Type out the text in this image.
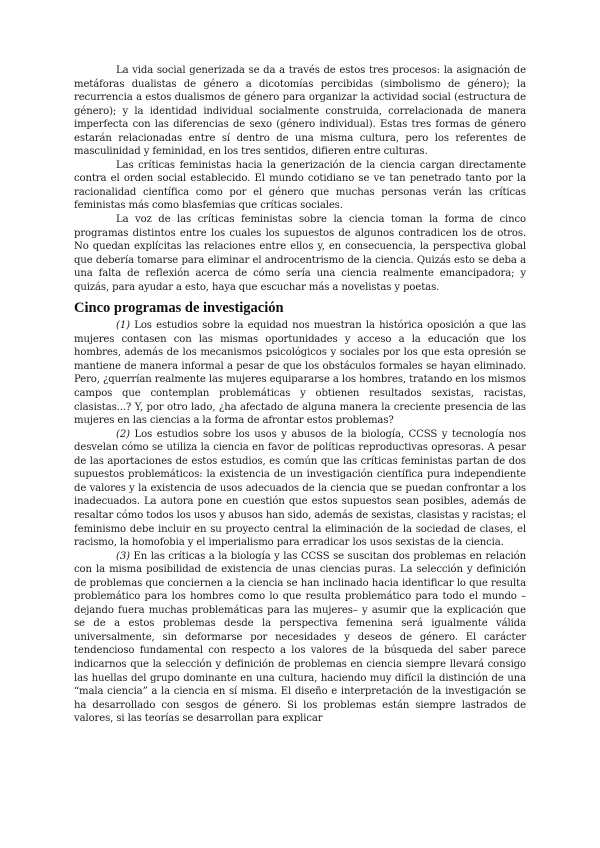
La vida social generizada se da a través de estos tres procesos: la asignación de metáforas dualistas de género a dicotomías percibidas (simbolismo de género); la recurrencia a estos dualismos de género para organizar la actividad social (estructura de género); y la identidad individual socialmente construida, correlacionada de manera imperfecta con las diferencias de sexo (género individual). Estas tres formas de género estarán relacionadas entre sí dentro de una misma cultura, pero los referentes de masculinidad y feminidad, en los tres sentidos, difieren entre culturas.

Las críticas feministas hacia la generización de la ciencia cargan directamente contra el orden social establecido. El mundo cotidiano se ve tan penetrado tanto por la racionalidad científica como por el género que muchas personas verán las críticas feministas más como blasfemias que críticas sociales.

La voz de las críticas feministas sobre la ciencia toman la forma de cinco programas distintos entre los cuales los supuestos de algunos contradicen los de otros. No quedan explícitas las relaciones entre ellos y, en consecuencia, la perspectiva global que debería tomarse para eliminar el androcentrismo de la ciencia. Quizás esto se deba a una falta de reflexión acerca de cómo sería una ciencia realmente emancipadora; y quizás, para ayudar a esto, haya que escuchar más a novelistas y poetas.

Cinco programas de investigación

(1) Los estudios sobre la equidad nos muestran la histórica oposición a que las mujeres contasen con las mismas oportunidades y acceso a la educación que los hombres, además de los mecanismos psicológicos y sociales por los que esta opresión se mantiene de manera informal a pesar de que los obstáculos formales se hayan eliminado. Pero, ¿querrían realmente las mujeres equipararse a los hombres, tratando en los mismos campos que contemplan problemáticas y obtienen resultados sexistas, racistas, clasistas...? Y, por otro lado, ¿ha afectado de alguna manera la creciente presencia de las mujeres en las ciencias a la forma de afrontar estos problemas?

(2) Los estudios sobre los usos y abusos de la biología, CCSS y tecnología nos desvelan cómo se utiliza la ciencia en favor de políticas reproductivas opresoras. A pesar de las aportaciones de estos estudios, es común que las críticas feministas partan de dos supuestos problemáticos: la existencia de un investigación científica pura independiente de valores y la existencia de usos adecuados de la ciencia que se puedan confrontar a los inadecuados. La autora pone en cuestión que estos supuestos sean posibles, además de resaltar cómo todos los usos y abusos han sido, además de sexistas, clasistas y racistas; el feminismo debe incluir en su proyecto central la eliminación de la sociedad de clases, el racismo, la homofobia y el imperialismo para erradicar los usos sexistas de la ciencia.

(3) En las críticas a la biología y las CCSS se suscitan dos problemas en relación con la misma posibilidad de existencia de unas ciencias puras. La selección y definición de problemas que conciernen a la ciencia se han inclinado hacia identificar lo que resulta problemático para los hombres como lo que resulta problemático para todo el mundo –dejando fuera muchas problemáticas para las mujeres– y asumir que la explicación que se de a estos problemas desde la perspectiva femenina será igualmente válida universalmente, sin deformarse por necesidades y deseos de género. El carácter tendencioso fundamental con respecto a los valores de la búsqueda del saber parece indicarnos que la selección y definición de problemas en ciencia siempre llevará consigo las huellas del grupo dominante en una cultura, haciendo muy difícil la distinción de una “mala ciencia” a la ciencia en sí misma. El diseño e interpretación de la investigación se ha desarrollado con sesgos de género. Si los problemas están siempre lastrados de valores, si las teorías se desarrollan para explicar
